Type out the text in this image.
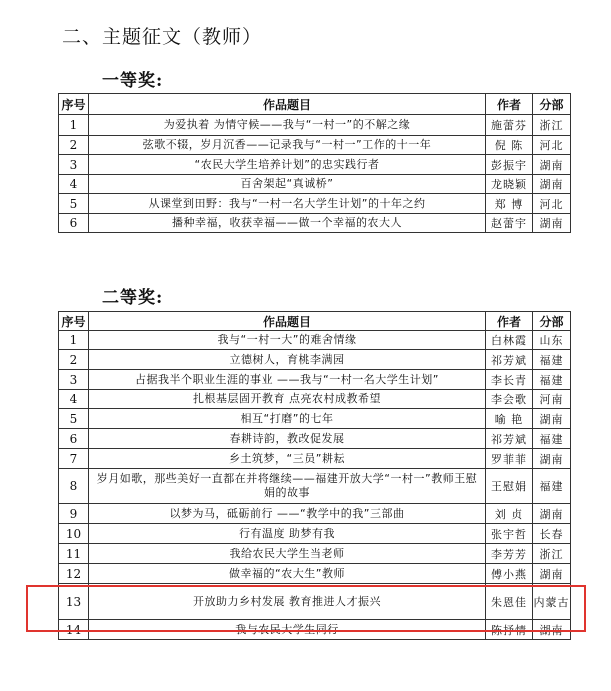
二、主题征文（教师）
一等奖:
二等奖:
序号	作品题目	作者	分部
1	为爱执着 为情守候——我与“一村一”的不解之缘	施蕾芬	浙江
2	弦歌不辍，岁月沉香——记录我与“一村一”工作的十一年	倪 陈	河北
3	“农民大学生培养计划”的忠实践行者	彭振宇	湖南
4	百舍架起“真诚桥”	龙晓颖	湖南
5	从课堂到田野：我与“一村一名大学生计划”的十年之约	郑 博	河北
6	播种幸福，收获幸福——做一个幸福的农大人	赵蕾宇	湖南
序号	作品题目	作者	分部
1	我与“一村一大”的难舍情缘	白林霞	山东
2	立德树人，育桃李满园	祁芳斌	福建
3	占据我半个职业生涯的事业 ——我与“一村一名大学生计划”	李长青	福建
4	扎根基层固开教育 点亮农村成教希望	李会歌	河南
5	相互“打磨”的七年	喻 艳	湖南
6	春耕诗韵，教改促发展	祁芳斌	福建
7	乡土筑梦，“三员”耕耘	罗菲菲	湖南
8	岁月如歌，那些美好一直都在并将继续——福建开放大学“一村一”教师王慰娟的故事	王慰娟	福建
9	以梦为马，砥砺前行 ——“教学中的我”三部曲	刘 贞	湖南
10	行有温度 助梦有我	张宇哲	长春
11	我给农民大学生当老师	李芳芳	浙江
12	做幸福的“农大生”教师	傅小燕	湖南
13	开放助力乡村发展 教育推进人才振兴	朱恩佳	内蒙古
14	我与农民大学生同行	陈抒情	湖南
